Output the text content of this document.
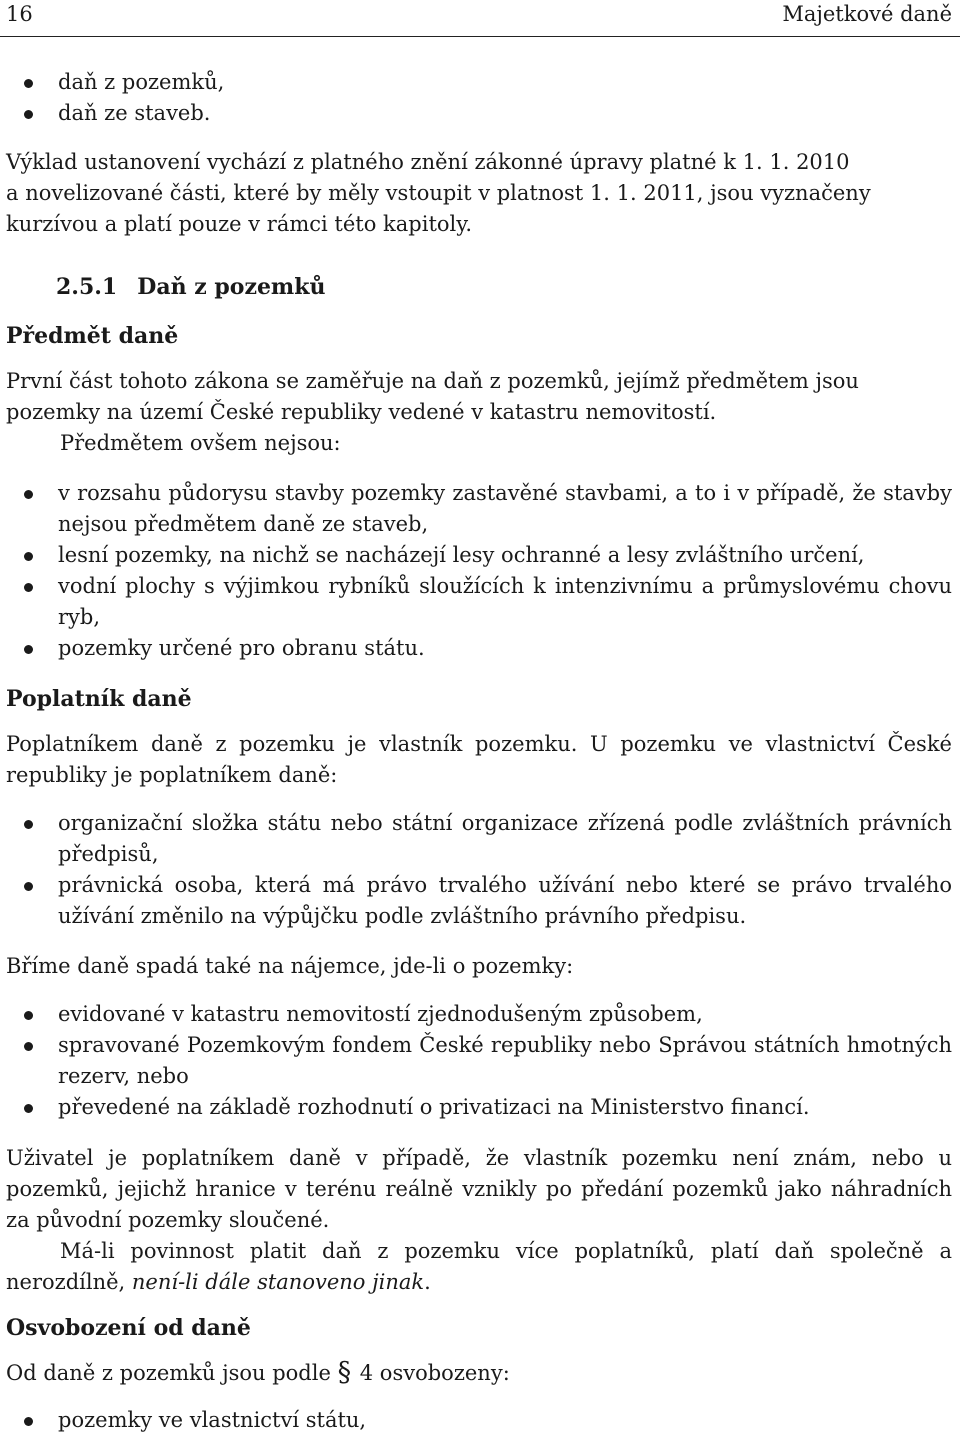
16	Majetkové daně
daň z pozemků,
daň ze staveb.
Výklad ustanovení vychází z platného znění zákonné úpravy platné k 1. 1. 2010
a novelizované části, které by měly vstoupit v platnost 1. 1. 2011, jsou vyznačeny
kurzívou a platí pouze v rámci této kapitoly.
2.5.1 Daň z pozemků
Předmět daně
První část tohoto zákona se zaměřuje na daň z pozemků, jejímž předmětem jsou
pozemky na území České republiky vedené v katastru nemovitostí.
Předmětem ovšem nejsou:
v rozsahu půdorysu stavby pozemky zastavěné stavbami, a to i v případě, že stavby nejsou předmětem daně ze staveb,
lesní pozemky, na nichž se nacházejí lesy ochranné a lesy zvláštního určení,
vodní plochy s výjimkou rybníků sloužících k intenzivnímu a průmyslovému chovu ryb,
pozemky určené pro obranu státu.
Poplatník daně

Poplatníkem daně z pozemku je vlastník pozemku. U pozemku ve vlastnictví České republiky je poplatníkem daně:

organizační složka státu nebo státní organizace zřízená podle zvláštních právních předpisů,
právnická osoba, která má právo trvalého užívání nebo které se právo trvalého užívání změnilo na výpůjčku podle zvláštního právního předpisu.

Bříme daně spadá také na nájemce, jde-li o pozemky:

evidované v katastru nemovitostí zjednodušeným způsobem,
spravované Pozemkovým fondem České republiky nebo Správou státních hmotných rezerv, nebo
převedené na základě rozhodnutí o privatizaci na Ministerstvo financí.

Uživatel je poplatníkem daně v případě, že vlastník pozemku není znám, nebo u pozemků, jejichž hranice v terénu reálně vznikly po předání pozemků jako náhradních za původní pozemky sloučené.

Má-li povinnost platit daň z pozemku více poplatníků, platí daň společně a nerozdílně, není-li dále stanoveno jinak.

Osvobození od daně

Od daně z pozemků jsou podle § 4 osvobozeny:

pozemky ve vlastnictví státu,
